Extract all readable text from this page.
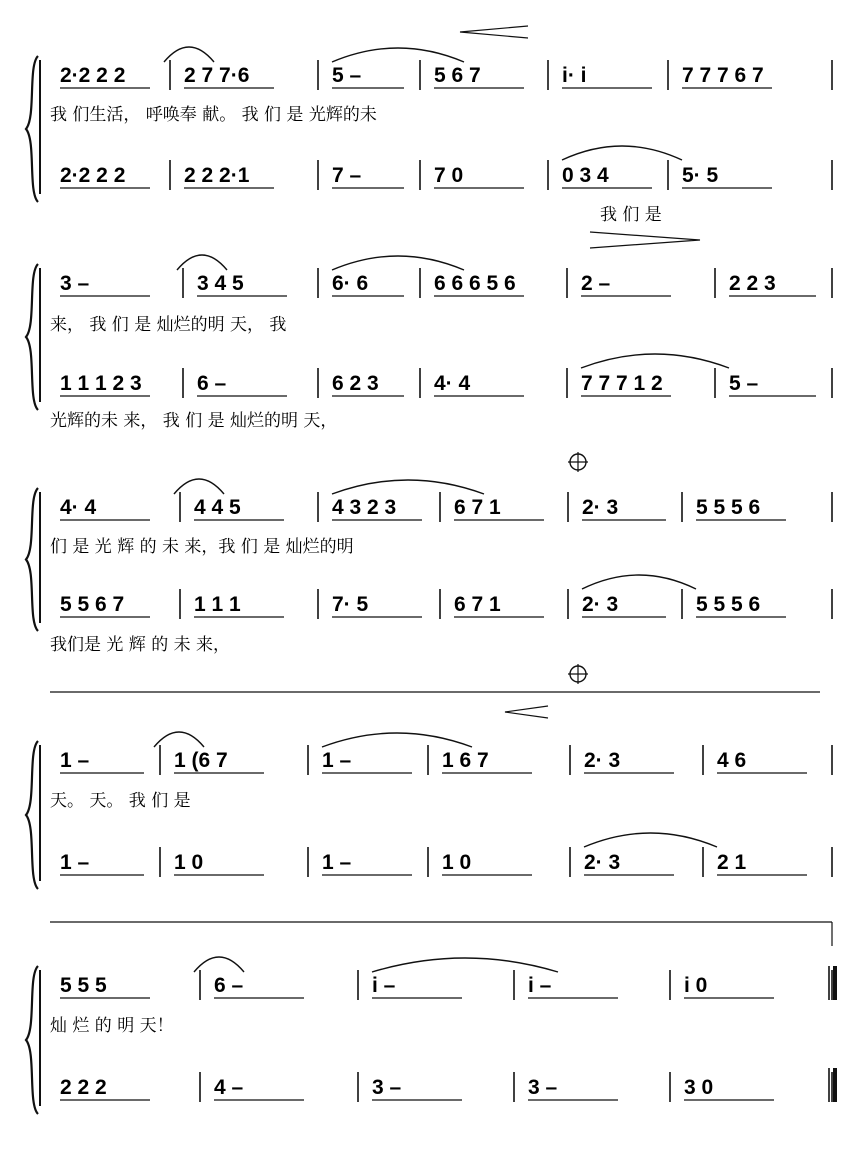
2·2 2 2	2 7 7·6	5 –	5 6 7	i· i	7 7 7 6 7
2·2 2 2	2 2 2·1	7 –	7 0	0 3 4	5· 5
我 们生活， 呼唤奉 献。 我 们 是 光辉的未
我 们 是
3 –	3 4 5	6· 6	6 6 6 5 6	2 –	2 2 3
1 1 1 2 3	6 –	6 2 3	4· 4	7 7 7 1 2	5 –
来， 我 们 是 灿烂的明 天， 我
光辉的未 来， 我 们 是 灿烂的明 天，
4· 4	4 4 5	4 3 2 3	6 7 1	2· 3	5 5 5 6
5 5 6 7	1 1 1	7· 5	6 7 1	2· 3	5 5 5 6
们 是 光 辉 的 未 来，我 们 是 灿烂的明
我们是 光 辉 的 未 来，
1 –	1 (6 7	1 –	1 6 7	2· 3	4 6
1 –	1 0	1 –	1 0	2· 3	2 1
天。 天。 我 们 是
5 5 5	6 –	i –	i –	i 0
2 2 2	4 –	3 –	3 –	3 0
灿 烂 的 明 天！
